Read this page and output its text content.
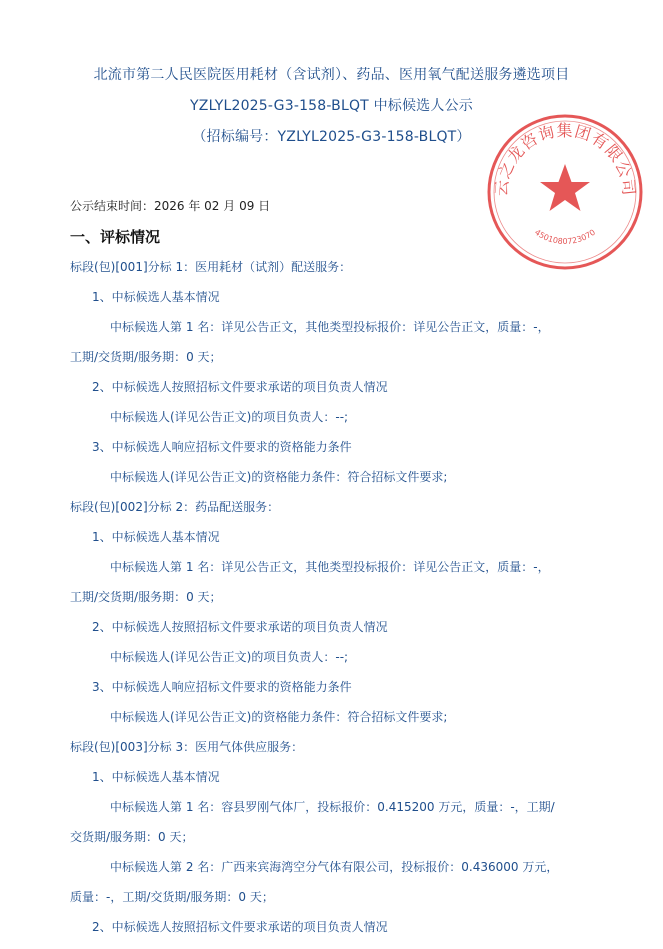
北流市第二人民医院医用耗材（含试剂）、药品、医用氧气配送服务遴选项目
YZLYL2025-G3-158-BLQT 中标候选人公示
（招标编号：YZLYL2025-G3-158-BLQT）
公示结束时间：2026 年 02 月 09 日
一、评标情况
标段(包)[001]分标 1：医用耗材（试剂）配送服务：
1、中标候选人基本情况
中标候选人第 1 名：详见公告正文，其他类型投标报价：详见公告正文，质量：-，
工期/交货期/服务期：0 天；
2、中标候选人按照招标文件要求承诺的项目负责人情况
中标候选人(详见公告正文)的项目负责人：--;
3、中标候选人响应招标文件要求的资格能力条件
中标候选人(详见公告正文)的资格能力条件：符合招标文件要求;
标段(包)[002]分标 2：药品配送服务：
1、中标候选人基本情况
中标候选人第 1 名：详见公告正文，其他类型投标报价：详见公告正文，质量：-，
工期/交货期/服务期：0 天；
2、中标候选人按照招标文件要求承诺的项目负责人情况
中标候选人(详见公告正文)的项目负责人：--;
3、中标候选人响应招标文件要求的资格能力条件
中标候选人(详见公告正文)的资格能力条件：符合招标文件要求;
标段(包)[003]分标 3：医用气体供应服务：
1、中标候选人基本情况
中标候选人第 1 名：容县罗刚气体厂，投标报价：0.415200 万元，质量：-，工期/
交货期/服务期：0 天；
中标候选人第 2 名：广西来宾海湾空分气体有限公司，投标报价：0.436000 万元，
质量：-，工期/交货期/服务期：0 天；
2、中标候选人按照招标文件要求承诺的项目负责人情况
云之龙咨询集团有限公司
4501080723070
